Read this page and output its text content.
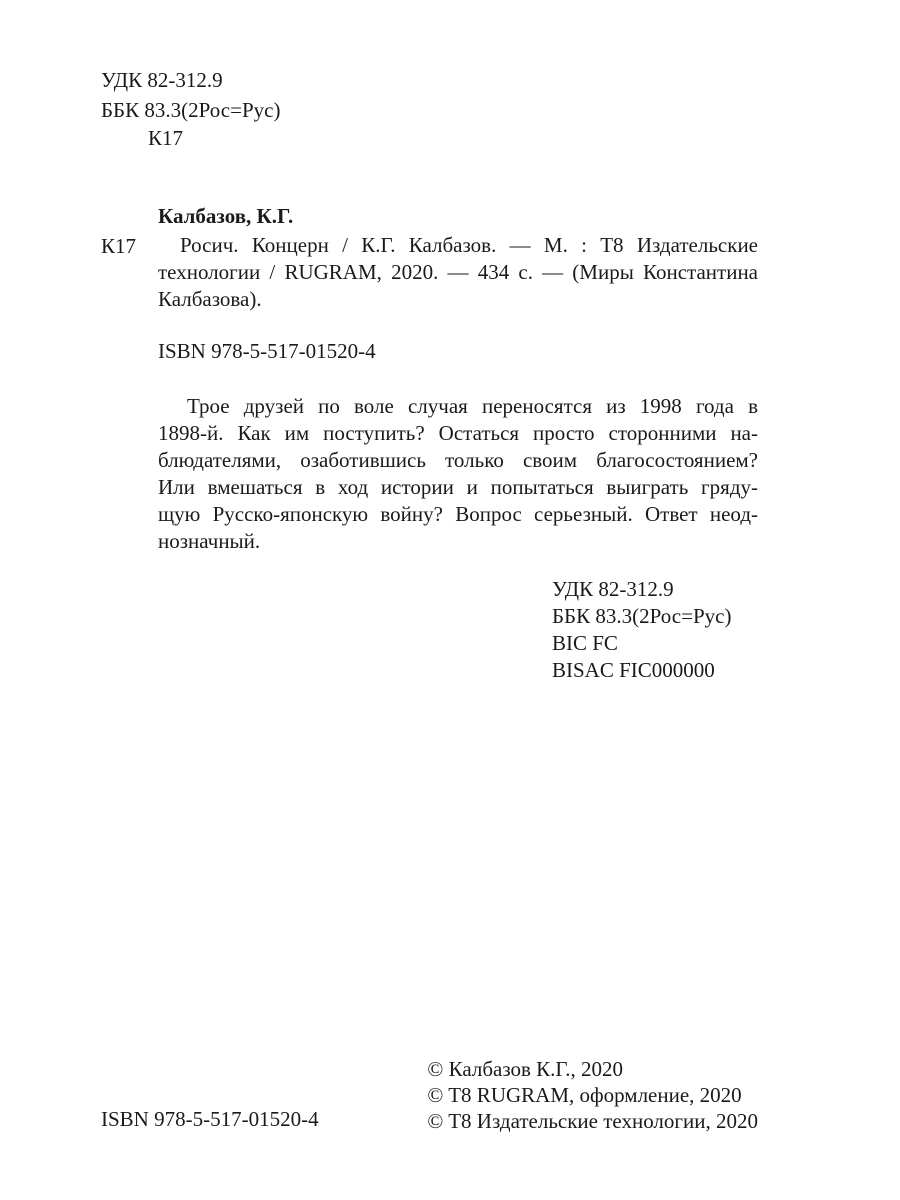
УДК 82-312.9
ББК 83.3(2Рос=Рус)
К17
Калбазов, К.Г.
К17	Росич. Концерн / К.Г. Калбазов. — М. : T8 Издательские
технологии / RUGRAM, 2020. — 434 с. — (Миры Константина
Калбазова).
ISBN 978-5-517-01520-4
Трое друзей по воле случая переносятся из 1998 года в
1898-й. Как им поступить? Остаться просто сторонними на-
блюдателями, озаботившись только своим благосостоянием?
Или вмешаться в ход истории и попытаться выиграть гряду-
щую Русско-японскую войну? Вопрос серьезный. Ответ неод-
нозначный.
УДК 82-312.9
ББК 83.3(2Рос=Рус)
BIC FC
BISAC FIC000000
© Калбазов К.Г., 2020
© T8 RUGRAM, оформление, 2020
© T8 Издательские технологии, 2020
ISBN 978-5-517-01520-4
